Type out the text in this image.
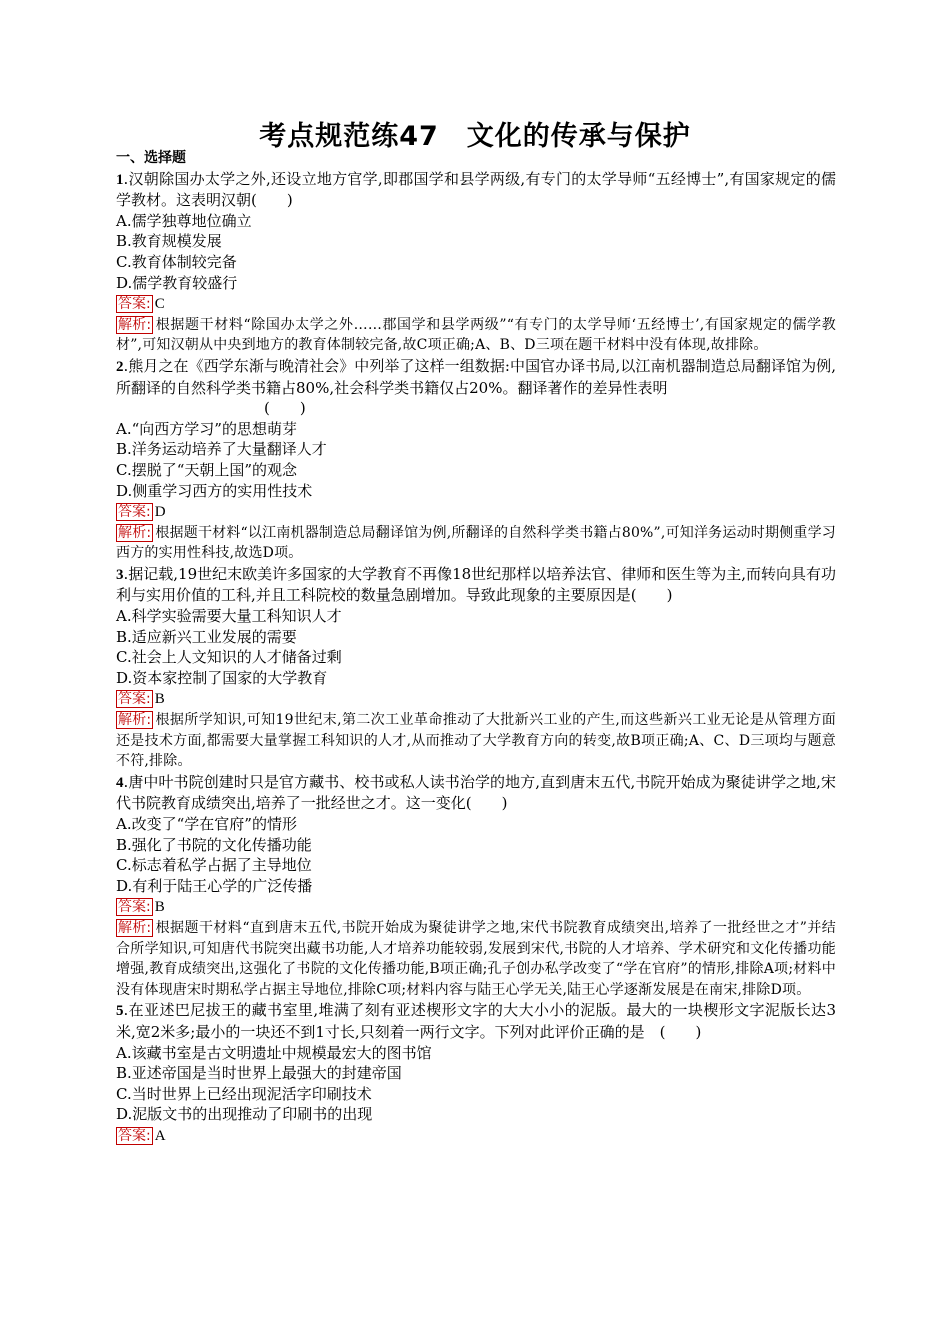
考点规范练47　文化的传承与保护
一、选择题
1.汉朝除国办太学之外,还设立地方官学,即郡国学和县学两级,有专门的太学导师“五经博士”,有国家规定的儒学教材。这表明汉朝(　　)
A.儒学独尊地位确立
B.教育规模发展
C.教育体制较完备
D.儒学教育较盛行
答案: C
解析: 根据题干材料“除国办太学之外……郡国学和县学两级”“有专门的太学导师‘五经博士’,有国家规定的儒学教材”,可知汉朝从中央到地方的教育体制较完备,故C项正确;A、B、D三项在题干材料中没有体现,故排除。
2.熊月之在《西学东渐与晚清社会》中列举了这样一组数据:中国官办译书局,以江南机器制造总局翻译馆为例,所翻译的自然科学类书籍占80%,社会科学类书籍仅占20%。翻译著作的差异性表明
(　　)
A.“向西方学习”的思想萌芽
B.洋务运动培养了大量翻译人才
C.摆脱了“天朝上国”的观念
D.侧重学习西方的实用性技术
答案: D
解析: 根据题干材料“以江南机器制造总局翻译馆为例,所翻译的自然科学类书籍占80%”,可知洋务运动时期侧重学习西方的实用性科技,故选D项。
3.据记载,19世纪末欧美许多国家的大学教育不再像18世纪那样以培养法官、律师和医生等为主,而转向具有功利与实用价值的工科,并且工科院校的数量急剧增加。导致此现象的主要原因是(　　)
A.科学实验需要大量工科知识人才
B.适应新兴工业发展的需要
C.社会上人文知识的人才储备过剩
D.资本家控制了国家的大学教育
答案: B
解析: 根据所学知识,可知19世纪末,第二次工业革命推动了大批新兴工业的产生,而这些新兴工业无论是从管理方面还是技术方面,都需要大量掌握工科知识的人才,从而推动了大学教育方向的转变,故B项正确;A、C、D三项均与题意不符,排除。
4.唐中叶书院创建时只是官方藏书、校书或私人读书治学的地方,直到唐末五代,书院开始成为聚徒讲学之地,宋代书院教育成绩突出,培养了一批经世之才。这一变化(　　)
A.改变了“学在官府”的情形
B.强化了书院的文化传播功能
C.标志着私学占据了主导地位
D.有利于陆王心学的广泛传播
答案: B
解析: 根据题干材料“直到唐末五代,书院开始成为聚徒讲学之地,宋代书院教育成绩突出,培养了一批经世之才”并结合所学知识,可知唐代书院突出藏书功能,人才培养功能较弱,发展到宋代,书院的人才培养、学术研究和文化传播功能增强,教育成绩突出,这强化了书院的文化传播功能,B项正确;孔子创办私学改变了“学在官府”的情形,排除A项;材料中没有体现唐宋时期私学占据主导地位,排除C项;材料内容与陆王心学无关,陆王心学逐渐发展是在南宋,排除D项。
5.在亚述巴尼拔王的藏书室里,堆满了刻有亚述楔形文字的大大小小的泥版。最大的一块楔形文字泥版长达3米,宽2米多;最小的一块还不到1寸长,只刻着一两行文字。下列对此评价正确的是　(　　)
A.该藏书室是古文明遗址中规模最宏大的图书馆
B.亚述帝国是当时世界上最强大的封建帝国
C.当时世界上已经出现泥活字印刷技术
D.泥版文书的出现推动了印刷书的出现
答案: A
